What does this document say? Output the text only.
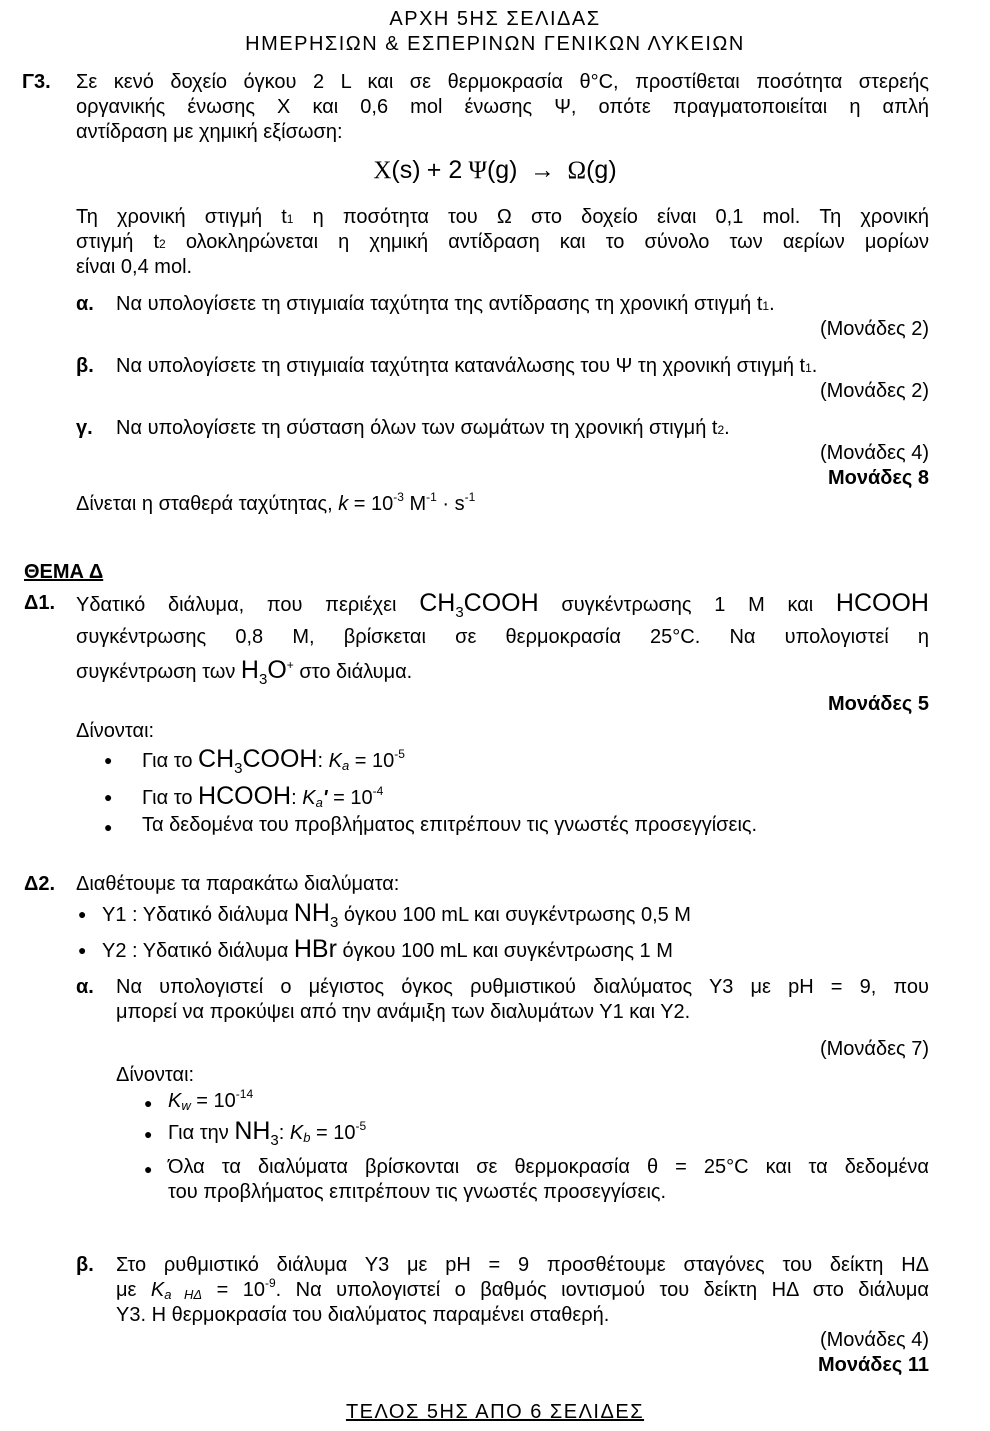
ΑΡΧΗ 5ΗΣ ΣΕΛΙΔΑΣ
ΗΜΕΡΗΣΙΩΝ & ΕΣΠΕΡΙΝΩΝ ΓΕΝΙΚΩΝ ΛΥΚΕΙΩΝ
Γ3. Σε κενό δοχείο όγκου 2 L και σε θερμοκρασία θ°C, προστίθεται ποσότητα στερεής
οργανικής ένωσης Χ και 0,6 mol ένωσης Ψ, οπότε πραγματοποιείται η απλή
αντίδραση με χημική εξίσωση:
Χ(s) + 2 Ψ(g) → Ω(g)
Τη χρονική στιγμή t1 η ποσότητα του Ω στο δοχείο είναι 0,1 mol. Τη χρονική
στιγμή t2 ολοκληρώνεται η χημική αντίδραση και το σύνολο των αερίων μορίων
είναι 0,4 mol.
α. Να υπολογίσετε τη στιγμιαία ταχύτητα της αντίδρασης τη χρονική στιγμή t1.
(Μονάδες 2)
β. Να υπολογίσετε τη στιγμιαία ταχύτητα κατανάλωσης του Ψ τη χρονική στιγμή t1.
(Μονάδες 2)
γ. Να υπολογίσετε τη σύσταση όλων των σωμάτων τη χρονική στιγμή t2.
(Μονάδες 4)
Μονάδες 8
Δίνεται η σταθερά ταχύτητας, $k = 10^{-3}$ $M^{-1} \cdot s^{-1}$
ΘΕΜΑ Δ
Δ1. Υδατικό διάλυμα, που περιέχει $CH_3COOH$ συγκέντρωσης 1 M και HCOOH
συγκέντρωσης 0,8 M, βρίσκεται σε θερμοκρασία 25°C. Να υπολογιστεί η
συγκέντρωση των $H_3O^+$ στο διάλυμα.
Μονάδες 5
Δίνονται:
● Για το $CH_3COOH$: $Ka = 10^{-5}$
● Για το HCOOH: $Ka' = 10^{-4}$
● Τα δεδομένα του προβλήματος επιτρέπουν τις γνωστές προσεγγίσεις.
Δ2. Διαθέτουμε τα παρακάτω διαλύματα:
● Υ1 : Υδατικό διάλυμα $NH_3$ όγκου 100 mL και συγκέντρωσης 0,5 M
● Υ2 : Υδατικό διάλυμα HBr όγκου 100 mL και συγκέντρωσης 1 M
α. Να υπολογιστεί ο μέγιστος όγκος ρυθμιστικού διαλύματος Υ3 με pH = 9, που
μπορεί να προκύψει από την ανάμιξη των διαλυμάτων Υ1 και Υ2.
(Μονάδες 7)
Δίνονται:
● $Kw = 10^{-14}$
● Για την $NH_3$: $Kb = 10^{-5}$
● Όλα τα διαλύματα βρίσκονται σε θερμοκρασία θ = 25°C και τα δεδομένα
του προβλήματος επιτρέπουν τις γνωστές προσεγγίσεις.
β. Στο ρυθμιστικό διάλυμα Υ3 με pH = 9 προσθέτουμε σταγόνες του δείκτη ΗΔ
με Ka $H\Delta = 10^{-9}$. Να υπολογιστεί ο βαθμός ιοντισμού του δείκτη ΗΔ στο διάλυμα
Υ3. Η θερμοκρασία του διαλύματος παραμένει σταθερή.
(Μονάδες 4)
Μονάδες 11
ΤΕΛΟΣ 5ΗΣ ΑΠΟ 6 ΣΕΛΙΔΕΣ
